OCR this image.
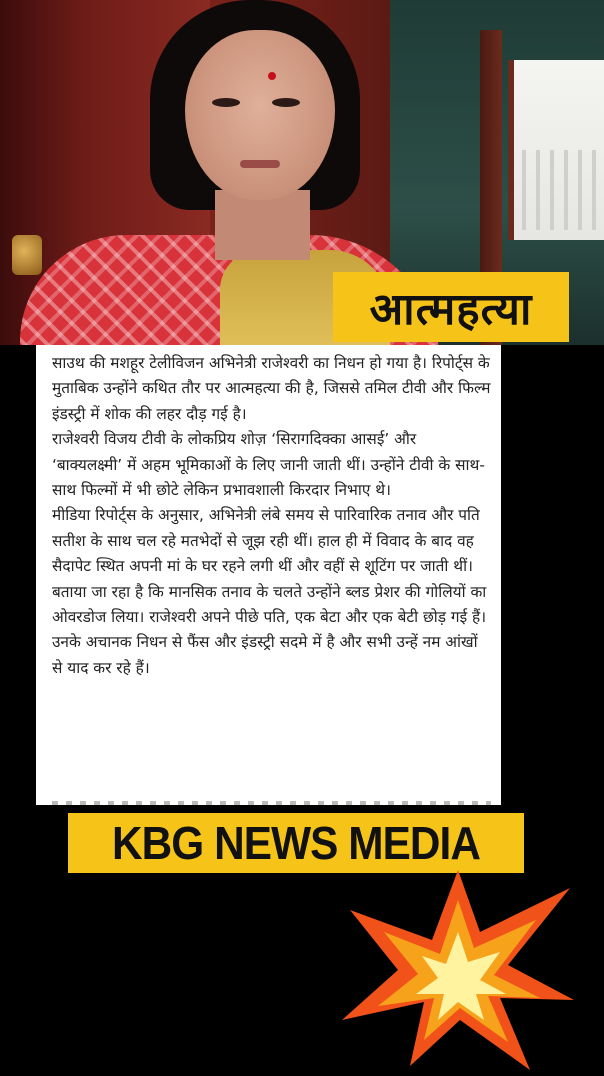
आत्महत्या

साउथ की मशहूर टेलीविजन अभिनेत्री राजेश्वरी का निधन हो गया है। रिपोर्ट्स के मुताबिक उन्होंने कथित तौर पर आत्महत्या की है, जिससे तमिल टीवी और फिल्म इंडस्ट्री में शोक की लहर दौड़ गई है।

राजेश्वरी विजय टीवी के लोकप्रिय शोज़ ‘सिरागदिक्का आसई’ और ‘बाक्यलक्ष्मी’ में अहम भूमिकाओं के लिए जानी जाती थीं। उन्होंने टीवी के साथ-साथ फिल्मों में भी छोटे लेकिन प्रभावशाली किरदार निभाए थे।

मीडिया रिपोर्ट्स के अनुसार, अभिनेत्री लंबे समय से पारिवारिक तनाव और पति सतीश के साथ चल रहे मतभेदों से जूझ रही थीं। हाल ही में विवाद के बाद वह सैदापेट स्थित अपनी मां के घर रहने लगी थीं और वहीं से शूटिंग पर जाती थीं।

बताया जा रहा है कि मानसिक तनाव के चलते उन्होंने ब्लड प्रेशर की गोलियों का ओवरडोज लिया। राजेश्वरी अपने पीछे पति, एक बेटा और एक बेटी छोड़ गई हैं।

उनके अचानक निधन से फैंस और इंडस्ट्री सदमे में है और सभी उन्हें नम आंखों से याद कर रहे हैं।

KBG NEWS MEDIA
